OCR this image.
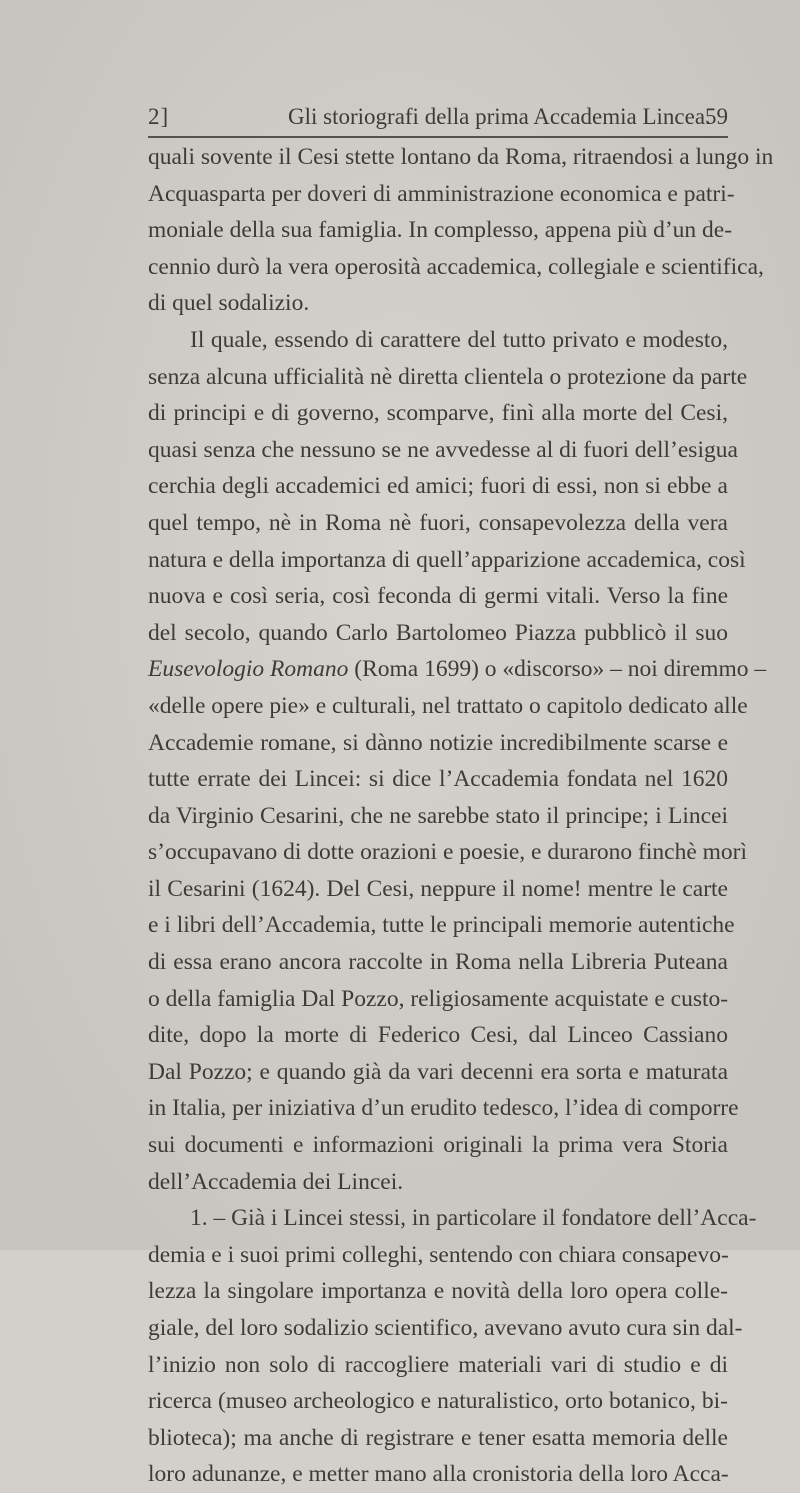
2]	Gli storiografi della prima Accademia Lincea.
59
quali sovente il Cesi stette lontano da Roma, ritraendosi a lungo in
Acquasparta per doveri di amministrazione economica e patri-
moniale della sua famiglia. In complesso, appena più d’un de-
cennio durò la vera operosità accademica, collegiale e scientifica,
di quel sodalizio.
Il quale, essendo di carattere del tutto privato e modesto,
senza alcuna ufficialità nè diretta clientela o protezione da parte
di principi e di governo, scomparve, finì alla morte del Cesi,
quasi senza che nessuno se ne avvedesse al di fuori dell’esigua
cerchia degli accademici ed amici; fuori di essi, non si ebbe a
quel tempo, nè in Roma nè fuori, consapevolezza della vera
natura e della importanza di quell’apparizione accademica, così
nuova e così seria, così feconda di germi vitali. Verso la fine
del secolo, quando Carlo Bartolomeo Piazza pubblicò il suo
Eusevologio Romano (Roma 1699) o «discorso» – noi diremmo –
«delle opere pie» e culturali, nel trattato o capitolo dedicato alle
Accademie romane, si dànno notizie incredibilmente scarse e
tutte errate dei Lincei: si dice l’Accademia fondata nel 1620
da Virginio Cesarini, che ne sarebbe stato il principe; i Lincei
s’occupavano di dotte orazioni e poesie, e durarono finchè morì
il Cesarini (1624). Del Cesi, neppure il nome! mentre le carte
e i libri dell’Accademia, tutte le principali memorie autentiche
di essa erano ancora raccolte in Roma nella Libreria Puteana
o della famiglia Dal Pozzo, religiosamente acquistate e custo-
dite, dopo la morte di Federico Cesi, dal Linceo Cassiano
Dal Pozzo; e quando già da vari decenni era sorta e maturata
in Italia, per iniziativa d’un erudito tedesco, l’idea di comporre
sui documenti e informazioni originali la prima vera Storia
dell’Accademia dei Lincei.
1. – Già i Lincei stessi, in particolare il fondatore dell’Acca-
demia e i suoi primi colleghi, sentendo con chiara consapevo-
lezza la singolare importanza e novità della loro opera colle-
giale, del loro sodalizio scientifico, avevano avuto cura sin dal-
l’inizio non solo di raccogliere materiali vari di studio e di
ricerca (museo archeologico e naturalistico, orto botanico, bi-
blioteca); ma anche di registrare e tener esatta memoria delle
loro adunanze, e metter mano alla cronistoria della loro Acca-
